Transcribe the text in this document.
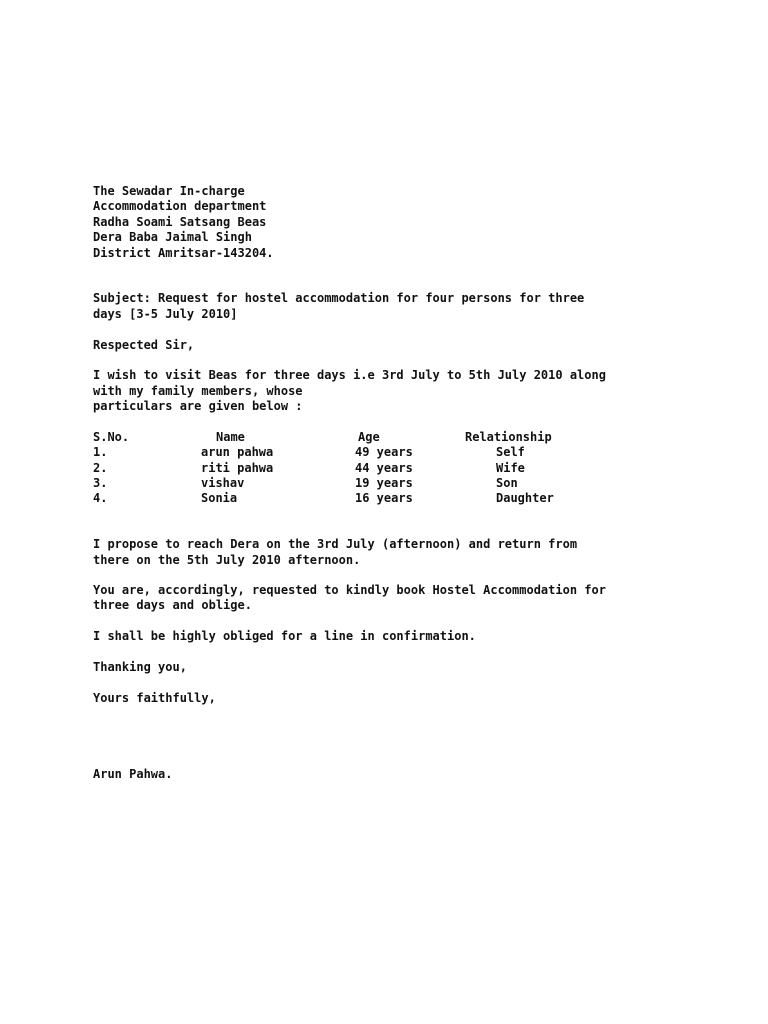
The Sewadar In-charge
Accommodation department
Radha Soami Satsang Beas
Dera Baba Jaimal Singh
District Amritsar-143204.
Subject: Request for hostel accommodation for four persons for three
days [3-5 July 2010]
Respected Sir,
I wish to visit Beas for three days i.e 3rd July to 5th July 2010 along
with my family members, whose
particulars are given below :
S.No.	Name	Age	Relationship
1.	arun pahwa	49 years	Self
2.	riti pahwa	44 years	Wife
3.	vishav	19 years	Son
4.	Sonia	16 years	Daughter
I propose to reach Dera on the 3rd July (afternoon) and return from
there on the 5th July 2010 afternoon.
You are, accordingly, requested to kindly book Hostel Accommodation for
three days and oblige.
I shall be highly obliged for a line in confirmation.
Thanking you,
Yours faithfully,
Arun Pahwa.
